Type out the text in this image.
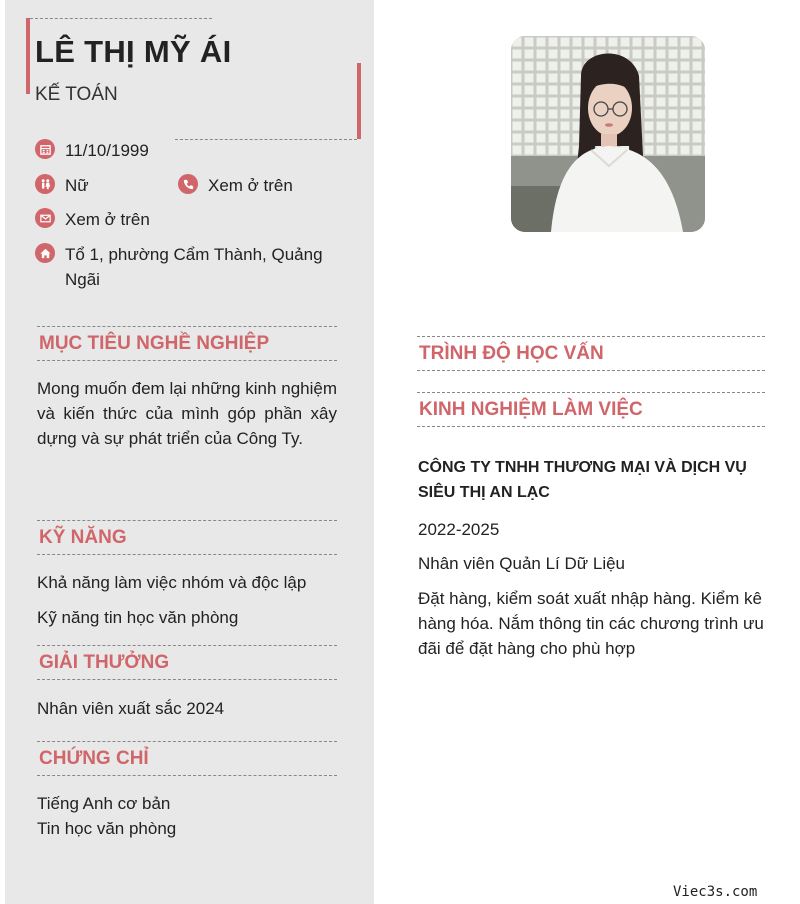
LÊ THỊ MỸ ÁI
KẾ TOÁN
11/10/1999
Nữ	Xem ở trên
Xem ở trên
Tổ 1, phường Cẩm Thành, Quảng Ngãi
MỤC TIÊU NGHỀ NGHIỆP
Mong muốn đem lại những kinh nghiệm và kiến thức của mình góp phần xây dựng và sự phát triển của Công Ty.
KỸ NĂNG
Khả năng làm việc nhóm và độc lập
Kỹ năng tin học văn phòng
GIẢI THƯỞNG
Nhân viên xuất sắc 2024
CHỨNG CHỈ
Tiếng Anh cơ bản
Tin học văn phòng
TRÌNH ĐỘ HỌC VẤN
KINH NGHIỆM LÀM VIỆC
CÔNG TY TNHH THƯƠNG MẠI VÀ DỊCH VỤ SIÊU THỊ AN LẠC
2022-2025
Nhân viên Quản Lí Dữ Liệu
Đặt hàng, kiểm soát xuất nhập hàng. Kiểm kê hàng hóa. Nắm thông tin các chương trình ưu đãi để đặt hàng cho phù hợp
Viec3s.com
